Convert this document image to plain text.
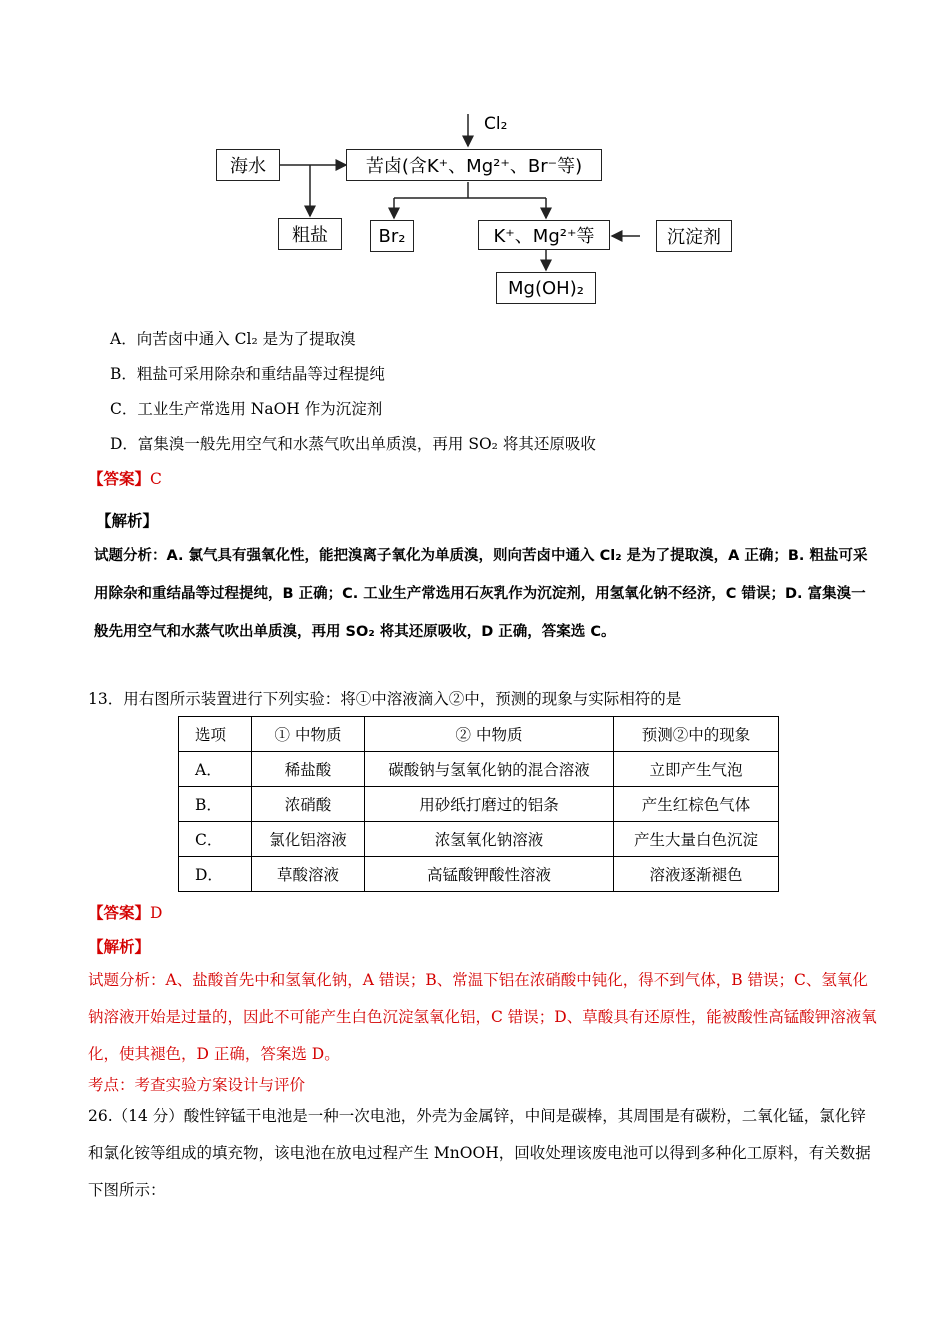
Cl₂
海水	苦卤(含K⁺、Mg²⁺、Br⁻等)
粗盐	Br₂	K⁺、Mg²⁺等	沉淀剂
Mg(OH)₂
A．向苦卤中通入 Cl₂ 是为了提取溴
B．粗盐可采用除杂和重结晶等过程提纯
C．工业生产常选用 NaOH 作为沉淀剂
D．富集溴一般先用空气和水蒸气吹出单质溴，再用 SO₂ 将其还原吸收
【答案】C
【解析】
试题分析：A. 氯气具有强氧化性，能把溴离子氧化为单质溴，则向苦卤中通入 Cl₂ 是为了提取溴，A 正确；B. 粗盐可采用除杂和重结晶等过程提纯，B 正确；C. 工业生产常选用石灰乳作为沉淀剂，用氢氧化钠不经济，C 错误；D. 富集溴一般先用空气和水蒸气吹出单质溴，再用 SO₂ 将其还原吸收，D 正确，答案选 C。
13．用右图所示装置进行下列实验：将①中溶液滴入②中，预测的现象与实际相符的是
选项	① 中物质	② 中物质	预测②中的现象
A．	稀盐酸	碳酸钠与氢氧化钠的混合溶液	立即产生气泡
B．	浓硝酸	用砂纸打磨过的铝条	产生红棕色气体
C．	氯化铝溶液	浓氢氧化钠溶液	产生大量白色沉淀
D．	草酸溶液	高锰酸钾酸性溶液	溶液逐渐褪色
【答案】D
【解析】
试题分析：A、盐酸首先中和氢氧化钠，A 错误；B、常温下铝在浓硝酸中钝化，得不到气体，B 错误；C、氢氧化钠溶液开始是过量的，因此不可能产生白色沉淀氢氧化铝，C 错误；D、草酸具有还原性，能被酸性高锰酸钾溶液氧化，使其褪色，D 正确，答案选 D。
考点：考查实验方案设计与评价
26.（14 分）酸性锌锰干电池是一种一次电池，外壳为金属锌，中间是碳棒，其周围是有碳粉，二氧化锰，氯化锌和氯化铵等组成的填充物，该电池在放电过程产生 MnOOH，回收处理该废电池可以得到多种化工原料，有关数据下图所示：
